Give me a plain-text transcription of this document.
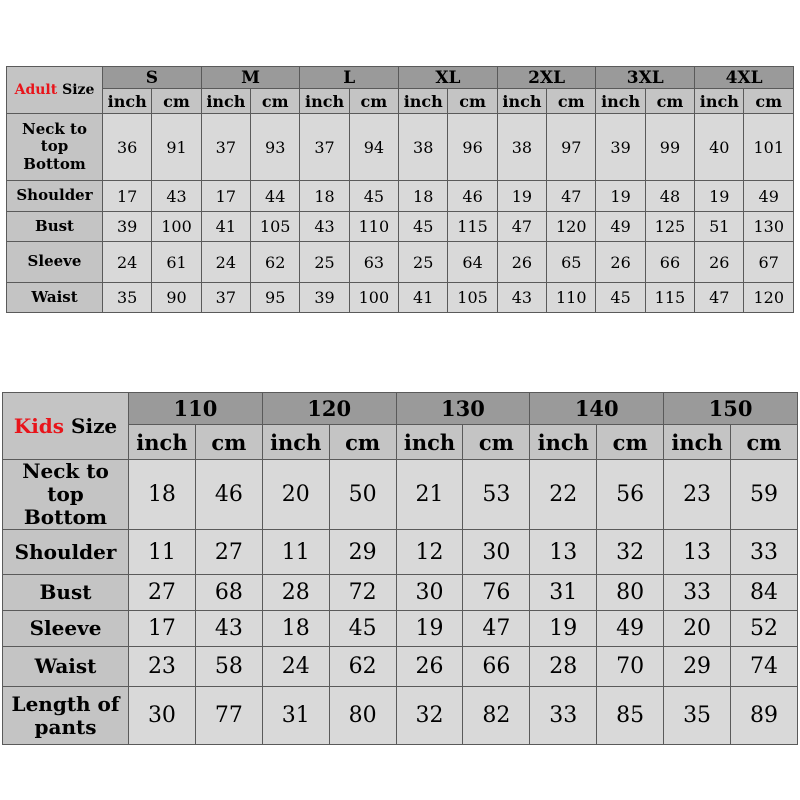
Adult Size	S		M		L		XL		2XL		3XL		4XL	
	inch	cm	inch	cm	inch	cm	inch	cm	inch	cm	inch	cm	inch	cm
Neck to top Bottom	36	91	37	93	37	94	38	96	38	97	39	99	40	101
Shoulder	17	43	17	44	18	45	18	46	19	47	19	48	19	49
Bust	39	100	41	105	43	110	45	115	47	120	49	125	51	130
Sleeve	24	61	24	62	25	63	25	64	26	65	26	66	26	67
Waist	35	90	37	95	39	100	41	105	43	110	45	115	47	120
Kids Size	110		120		130		140		150	
	inch	cm	inch	cm	inch	cm	inch	cm	inch	cm
Neck to top Bottom	18	46	20	50	21	53	22	56	23	59
Shoulder	11	27	11	29	12	30	13	32	13	33
Bust	27	68	28	72	30	76	31	80	33	84
Sleeve	17	43	18	45	19	47	19	49	20	52
Waist	23	58	24	62	26	66	28	70	29	74
Length of pants	30	77	31	80	32	82	33	85	35	89
